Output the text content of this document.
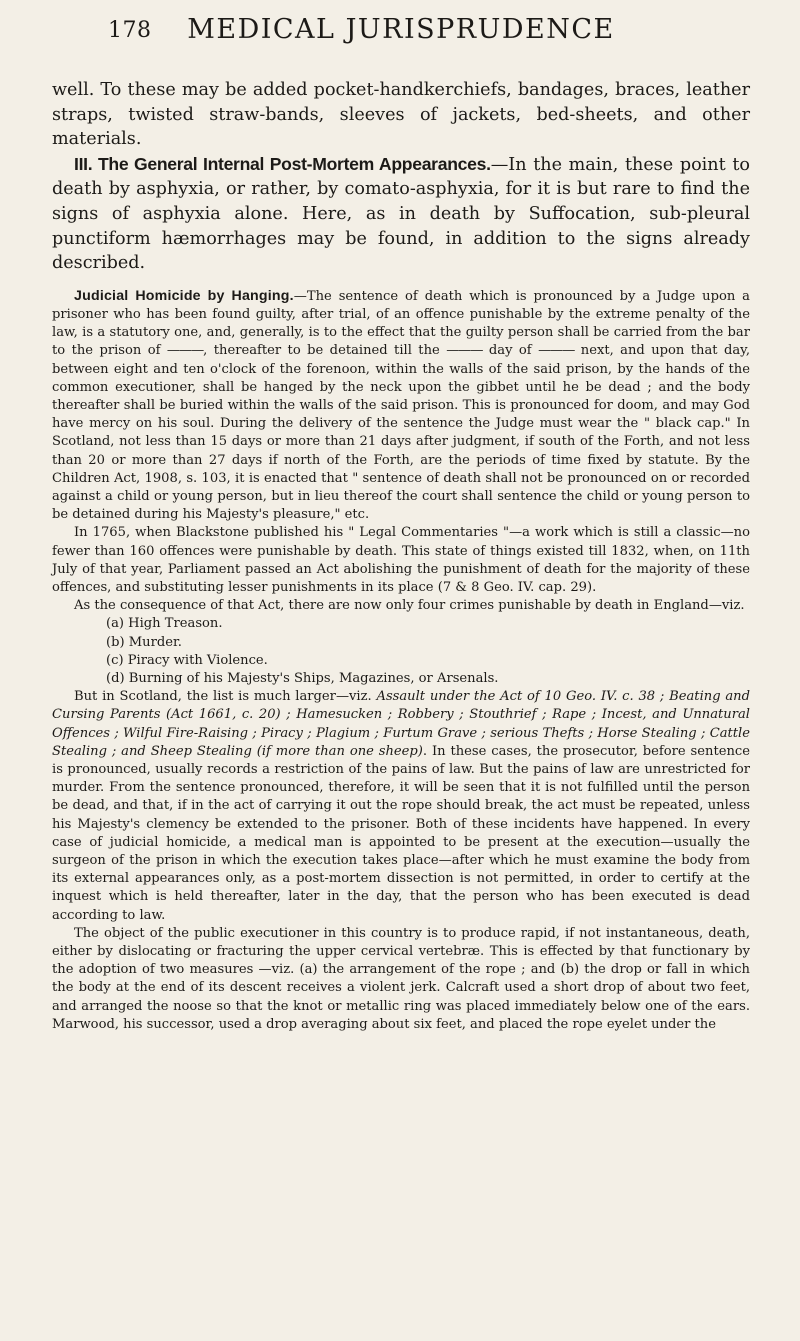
178	MEDICAL JURISPRUDENCE

well. To these may be added pocket-handkerchiefs, bandages, braces, leather straps, twisted straw-bands, sleeves of jackets, bed-sheets, and other materials.

III. The General Internal Post-Mortem Appearances.—In the main, these point to death by asphyxia, or rather, by comato-asphyxia, for it is but rare to find the signs of asphyxia alone. Here, as in death by Suffocation, sub-pleural punctiform hæmorrhages may be found, in addition to the signs already described.

Judicial Homicide by Hanging.—The sentence of death which is pronounced by a Judge upon a prisoner who has been found guilty, after trial, of an offence punishable by the extreme penalty of the law, is a statutory one, and, generally, is to the effect that the guilty person shall be carried from the bar to the prison of ———, thereafter to be detained till the ——— day of ——— next, and upon that day, between eight and ten o'clock of the forenoon, within the walls of the said prison, by the hands of the common executioner, shall be hanged by the neck upon the gibbet until he be dead ; and the body thereafter shall be buried within the walls of the said prison. This is pronounced for doom, and may God have mercy on his soul. During the delivery of the sentence the Judge must wear the " black cap." In Scotland, not less than 15 days or more than 21 days after judgment, if south of the Forth, and not less than 20 or more than 27 days if north of the Forth, are the periods of time fixed by statute. By the Children Act, 1908, s. 103, it is enacted that " sentence of death shall not be pronounced on or recorded against a child or young person, but in lieu thereof the court shall sentence the child or young person to be detained during his Majesty's pleasure," etc.

In 1765, when Blackstone published his " Legal Commentaries "—a work which is still a classic—no fewer than 160 offences were punishable by death. This state of things existed till 1832, when, on 11th July of that year, Parliament passed an Act abolishing the punishment of death for the majority of these offences, and substituting lesser punishments in its place (7 & 8 Geo. IV. cap. 29).

As the consequence of that Act, there are now only four crimes punishable by death in England—viz.

(a) High Treason.
(b) Murder.
(c) Piracy with Violence.
(d) Burning of his Majesty's Ships, Magazines, or Arsenals.

But in Scotland, the list is much larger—viz. Assault under the Act of 10 Geo. IV. c. 38 ; Beating and Cursing Parents (Act 1661, c. 20) ; Hamesucken ; Robbery ; Stouthrief ; Rape ; Incest, and Unnatural Offences ; Wilful Fire-Raising ; Piracy ; Plagium ; Furtum Grave ; serious Thefts ; Horse Stealing ; Cattle Stealing ; and Sheep Stealing (if more than one sheep). In these cases, the prosecutor, before sentence is pronounced, usually records a restriction of the pains of law. But the pains of law are unrestricted for murder. From the sentence pronounced, therefore, it will be seen that it is not fulfilled until the person be dead, and that, if in the act of carrying it out the rope should break, the act must be repeated, unless his Majesty's clemency be extended to the prisoner. Both of these incidents have happened. In every case of judicial homicide, a medical man is appointed to be present at the execution—usually the surgeon of the prison in which the execution takes place—after which he must examine the body from its external appearances only, as a post-mortem dissection is not permitted, in order to certify at the inquest which is held thereafter, later in the day, that the person who has been executed is dead according to law.

The object of the public executioner in this country is to produce rapid, if not instantaneous, death, either by dislocating or fracturing the upper cervical vertebræ. This is effected by that functionary by the adoption of two measures —viz. (a) the arrangement of the rope ; and (b) the drop or fall in which the body at the end of its descent receives a violent jerk. Calcraft used a short drop of about two feet, and arranged the noose so that the knot or metallic ring was placed immediately below one of the ears. Marwood, his successor, used a drop averaging about six feet, and placed the rope eyelet under the
